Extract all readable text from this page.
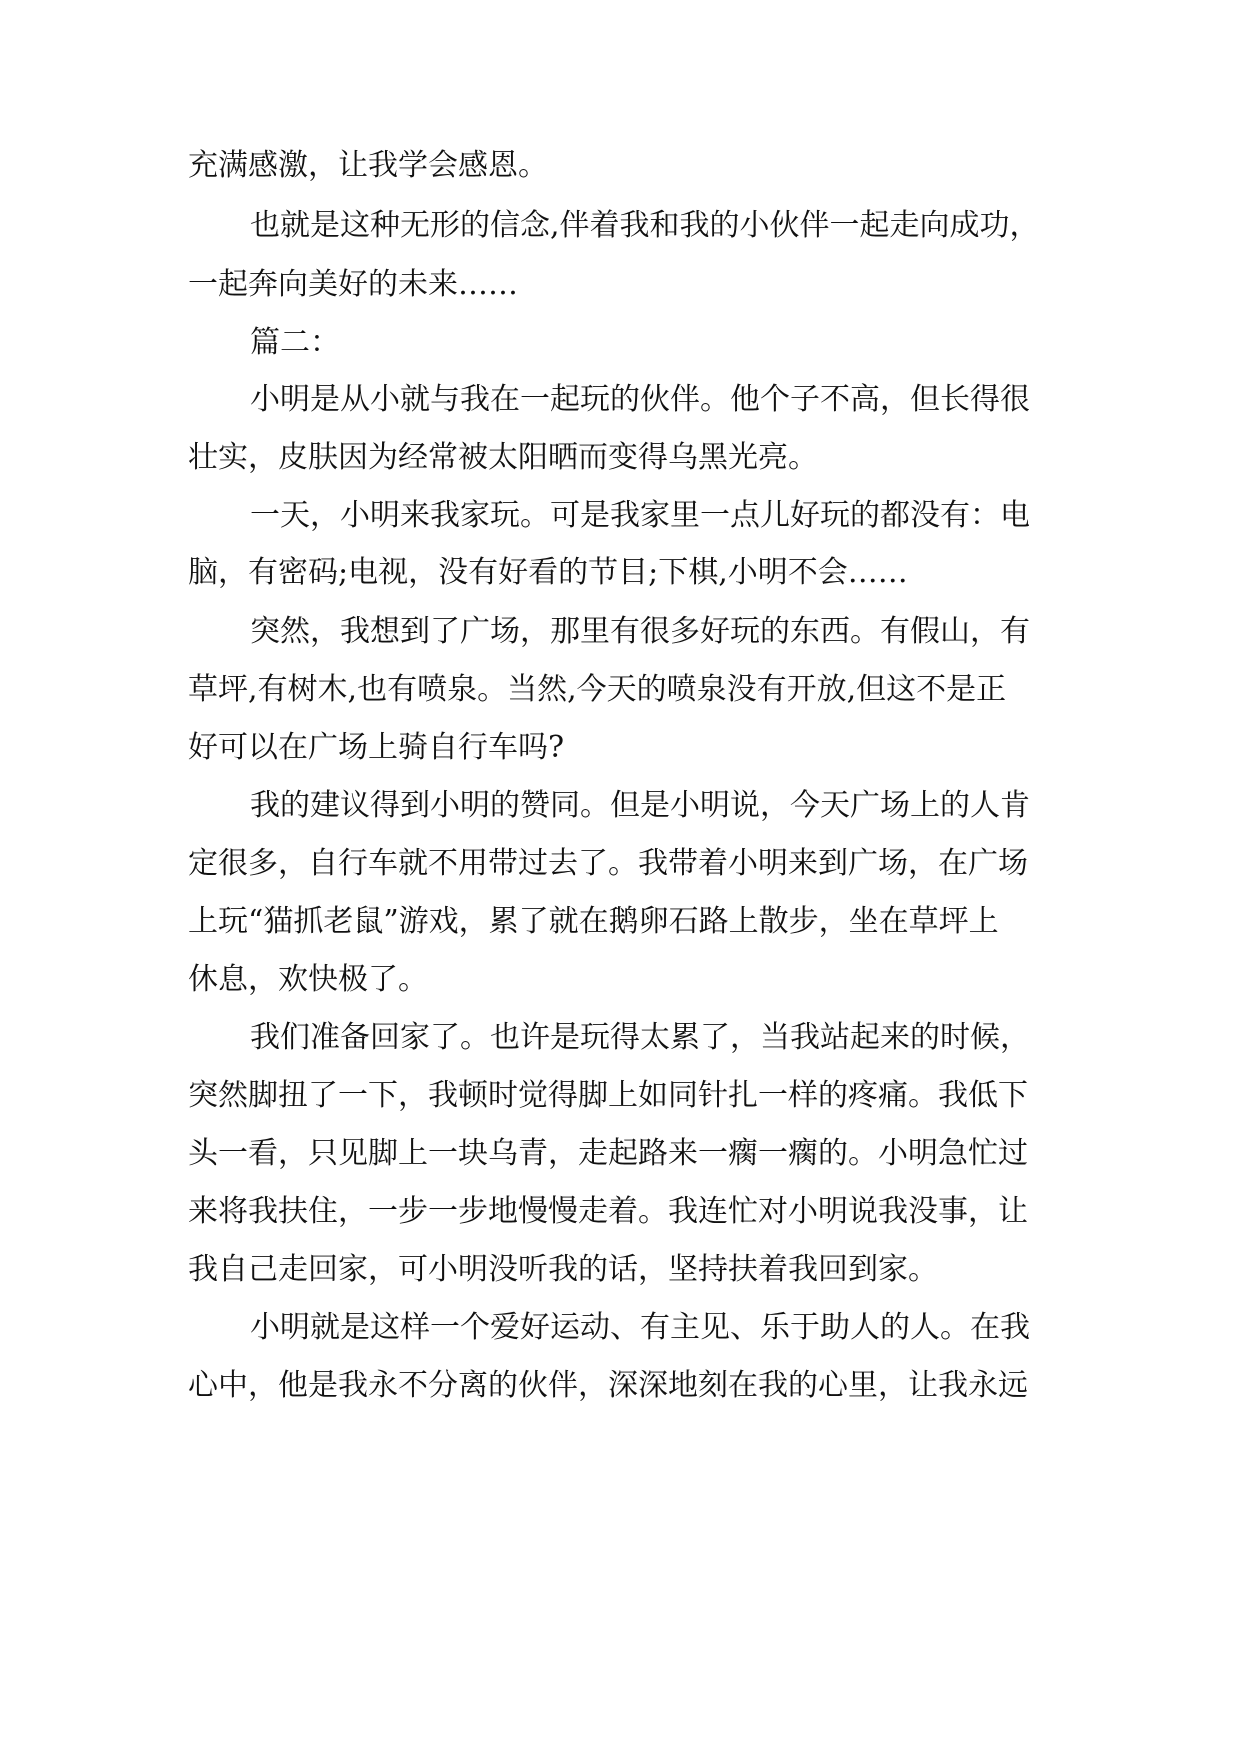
充满感激，让我学会感恩。
也就是这种无形的信念,伴着我和我的小伙伴一起走向成功，
一起奔向美好的未来……
篇二：
小明是从小就与我在一起玩的伙伴。他个子不高，但长得很
壮实，皮肤因为经常被太阳晒而变得乌黑光亮。
一天，小明来我家玩。可是我家里一点儿好玩的都没有：电
脑，有密码;电视，没有好看的节目;下棋,小明不会……
突然，我想到了广场，那里有很多好玩的东西。有假山，有
草坪,有树木,也有喷泉。当然,今天的喷泉没有开放,但这不是正
好可以在广场上骑自行车吗?
我的建议得到小明的赞同。但是小明说，今天广场上的人肯
定很多，自行车就不用带过去了。我带着小明来到广场，在广场
上玩“猫抓老鼠”游戏，累了就在鹅卵石路上散步，坐在草坪上
休息，欢快极了。
我们准备回家了。也许是玩得太累了，当我站起来的时候，
突然脚扭了一下，我顿时觉得脚上如同针扎一样的疼痛。我低下
头一看，只见脚上一块乌青，走起路来一瘸一瘸的。小明急忙过
来将我扶住，一步一步地慢慢走着。我连忙对小明说我没事，让
我自己走回家，可小明没听我的话，坚持扶着我回到家。
小明就是这样一个爱好运动、有主见、乐于助人的人。在我
心中，他是我永不分离的伙伴，深深地刻在我的心里，让我永远
